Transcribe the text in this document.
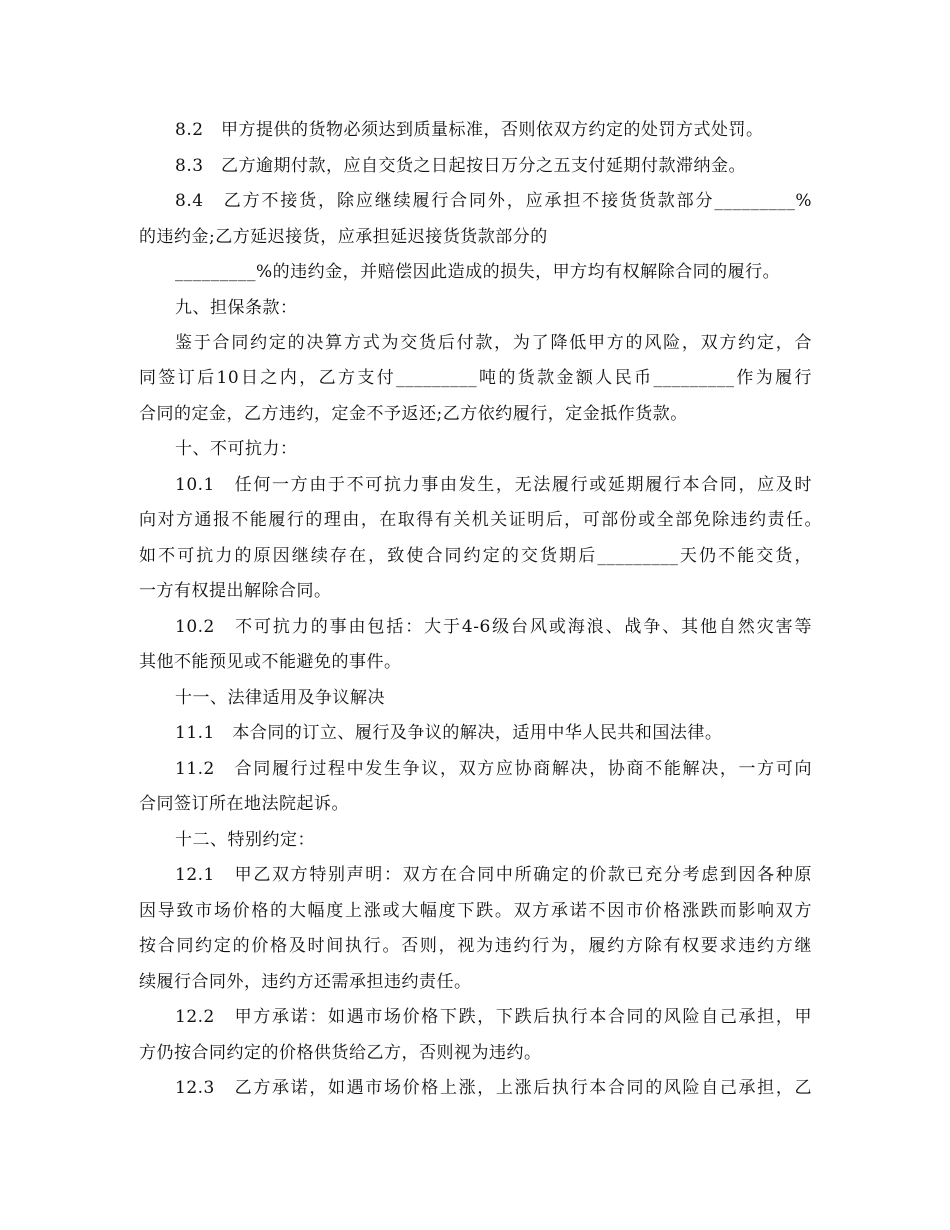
8.2　甲方提供的货物必须达到质量标准，否则依双方约定的处罚方式处罚。
8.3　乙方逾期付款，应自交货之日起按日万分之五支付延期付款滞纳金。
8.4　乙方不接货，除应继续履行合同外，应承担不接货货款部分_________%
的违约金;乙方延迟接货，应承担延迟接货货款部分的
_________%的违约金，并赔偿因此造成的损失，甲方均有权解除合同的履行。
九、担保条款：
鉴于合同约定的决算方式为交货后付款，为了降低甲方的风险，双方约定，合
同签订后10日之内，乙方支付_________吨的货款金额人民币_________作为履行
合同的定金，乙方违约，定金不予返还;乙方依约履行，定金抵作货款。
十、不可抗力：
10.1　任何一方由于不可抗力事由发生，无法履行或延期履行本合同，应及时
向对方通报不能履行的理由，在取得有关机关证明后，可部份或全部免除违约责任。
如不可抗力的原因继续存在，致使合同约定的交货期后_________天仍不能交货，
一方有权提出解除合同。
10.2　不可抗力的事由包括：大于4-6级台风或海浪、战争、其他自然灾害等
其他不能预见或不能避免的事件。
十一、法律适用及争议解决
11.1　本合同的订立、履行及争议的解决，适用中华人民共和国法律。
11.2　合同履行过程中发生争议，双方应协商解决，协商不能解决，一方可向
合同签订所在地法院起诉。
十二、特别约定：
12.1　甲乙双方特别声明：双方在合同中所确定的价款已充分考虑到因各种原
因导致市场价格的大幅度上涨或大幅度下跌。双方承诺不因市价格涨跌而影响双方
按合同约定的价格及时间执行。否则，视为违约行为，履约方除有权要求违约方继
续履行合同外，违约方还需承担违约责任。
12.2　甲方承诺：如遇市场价格下跌，下跌后执行本合同的风险自己承担，甲
方仍按合同约定的价格供货给乙方，否则视为违约。
12.3　乙方承诺，如遇市场价格上涨，上涨后执行本合同的风险自己承担，乙
